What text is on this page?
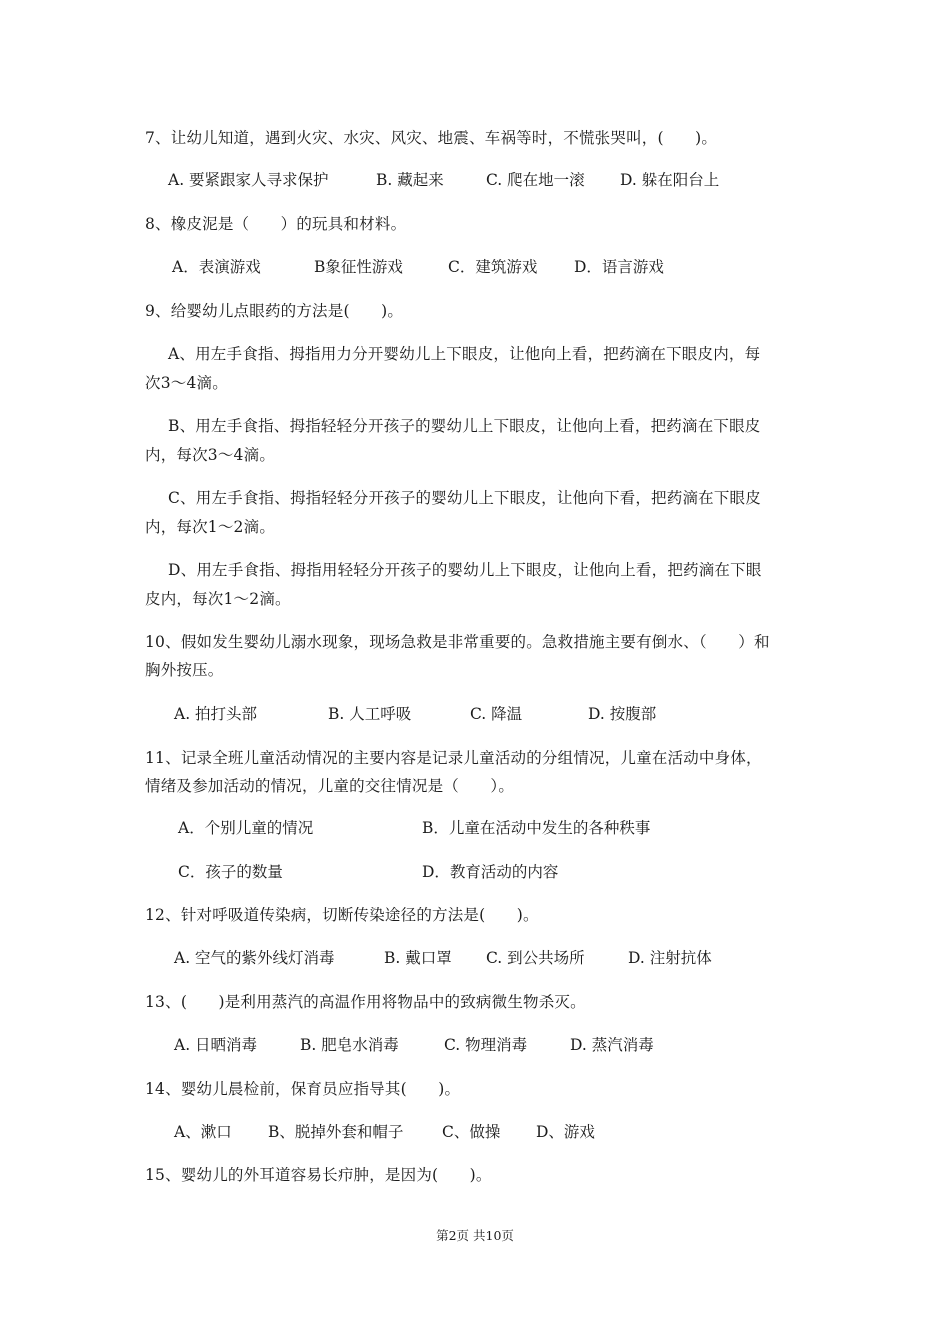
7、让幼儿知道，遇到火灾、水灾、风灾、地震、车祸等时，不慌张哭叫，(　　)。
A. 要紧跟家人寻求保护	B. 藏起来	C. 爬在地一滚 D. 躲在阳台上
8、橡皮泥是（　　）的玩具和材料。
A．表演游戏	B象征性游戏	C．建筑游戏 D．语言游戏
9、给婴幼儿点眼药的方法是(　　)。
A、用左手食指、拇指用力分开婴幼儿上下眼皮，让他向上看，把药滴在下眼皮内，每
次3～4滴。
B、用左手食指、拇指轻轻分开孩子的婴幼儿上下眼皮，让他向上看，把药滴在下眼皮
内，每次3～4滴。
C、用左手食指、拇指轻轻分开孩子的婴幼儿上下眼皮，让他向下看，把药滴在下眼皮
内，每次1～2滴。
D、用左手食指、拇指用轻轻分开孩子的婴幼儿上下眼皮，让他向上看，把药滴在下眼
皮内，每次1～2滴。
10、假如发生婴幼儿溺水现象，现场急救是非常重要的。急救措施主要有倒水、（　　）和
胸外按压。
A. 拍打头部	B. 人工呼吸	C. 降温	D. 按腹部
11、记录全班儿童活动情况的主要内容是记录儿童活动的分组情况，儿童在活动中身体，
情绪及参加活动的情况，儿童的交往情况是（　　）。
A．个别儿童的情况	B．儿童在活动中发生的各种秩事
C．孩子的数量	D．教育活动的内容
12、针对呼吸道传染病，切断传染途径的方法是(　　)。
A. 空气的紫外线灯消毒	B. 戴口罩 C. 到公共场所	D. 注射抗体
13、(　　)是利用蒸汽的高温作用将物品中的致病微生物杀灭。
A. 日晒消毒	B. 肥皂水消毒	C. 物理消毒	D. 蒸汽消毒
14、婴幼儿晨检前，保育员应指导其(　　)。
A、漱口 B、脱掉外套和帽子 C、做操 D、游戏
15、婴幼儿的外耳道容易长疖肿，是因为(　　)。
第2页 共10页
